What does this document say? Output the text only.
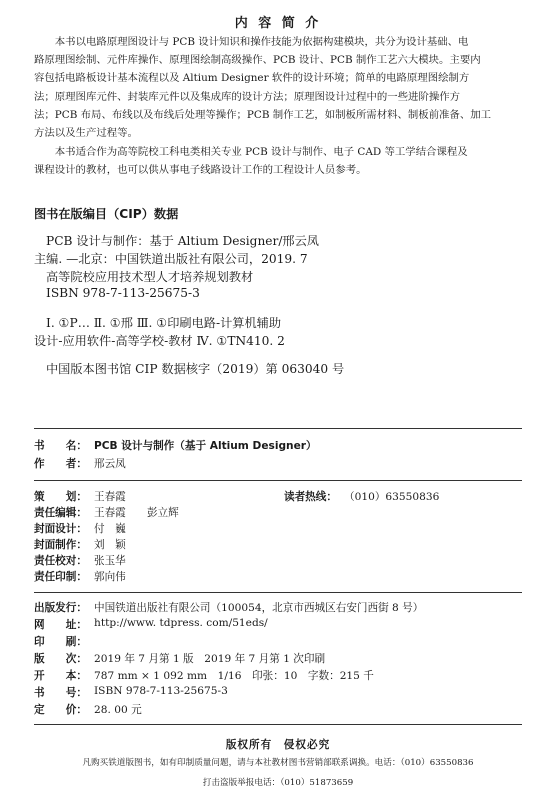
内 容 简 介

本书以电路原理图设计与 PCB 设计知识和操作技能为依据构建模块，共分为设计基础、电

路原理图绘制、元件库操作、原理图绘制高级操作、PCB 设计、PCB 制作工艺六大模块。主要内
容包括电路板设计基本流程以及 Altium Designer 软件的设计环境；简单的电路原理图绘制方
法；原理图库元件、封装库元件以及集成库的设计方法；原理图设计过程中的一些进阶操作方
法；PCB 布局、布线以及布线后处理等操作；PCB 制作工艺，如制板所需材料、制板前准备、加工
方法以及生产过程等。

本书适合作为高等院校工科电类相关专业 PCB 设计与制作、电子 CAD 等工学结合课程及

课程设计的教材，也可以供从事电子线路设计工作的工程设计人员参考。
图书在版编目（CIP）数据
PCB 设计与制作：基于 Altium Designer/邢云凤
主编. —北京：中国铁道出版社有限公司，2019. 7
高等院校应用技术型人才培养规划教材
ISBN 978-7-113-25675-3
Ⅰ. ①P… Ⅱ. ①邢 Ⅲ. ①印刷电路-计算机辅助
设计-应用软件-高等学校-教材 Ⅳ. ①TN410. 2
中国版本图书馆 CIP 数据核字（2019）第 063040 号
书　　名： PCB 设计与制作（基于 Altium Designer）
作　　者： 邢云凤
策　　划： 王春霞	读者热线： （010）63550836
责任编辑： 王春霞　　彭立辉
封面设计： 付　巍
封面制作： 刘　颖
责任校对： 张玉华
责任印制： 郭向伟
出版发行： 中国铁道出版社有限公司（100054，北京市西城区右安门西街 8 号）
网　　址： http://www. tdpress. com/51eds/
印　　刷：
版　　次： 2019 年 7 月第 1 版　2019 年 7 月第 1 次印刷
开　　本： 787 mm × 1 092 mm　1/16　印张：10　字数：215 千
书　　号： ISBN 978-7-113-25675-3
定　　价： 28. 00 元
版权所有　侵权必究
凡购买铁道版图书，如有印制质量问题，请与本社教材图书营销部联系调换。电话：（010）63550836
打击盗版举报电话：（010）51873659
